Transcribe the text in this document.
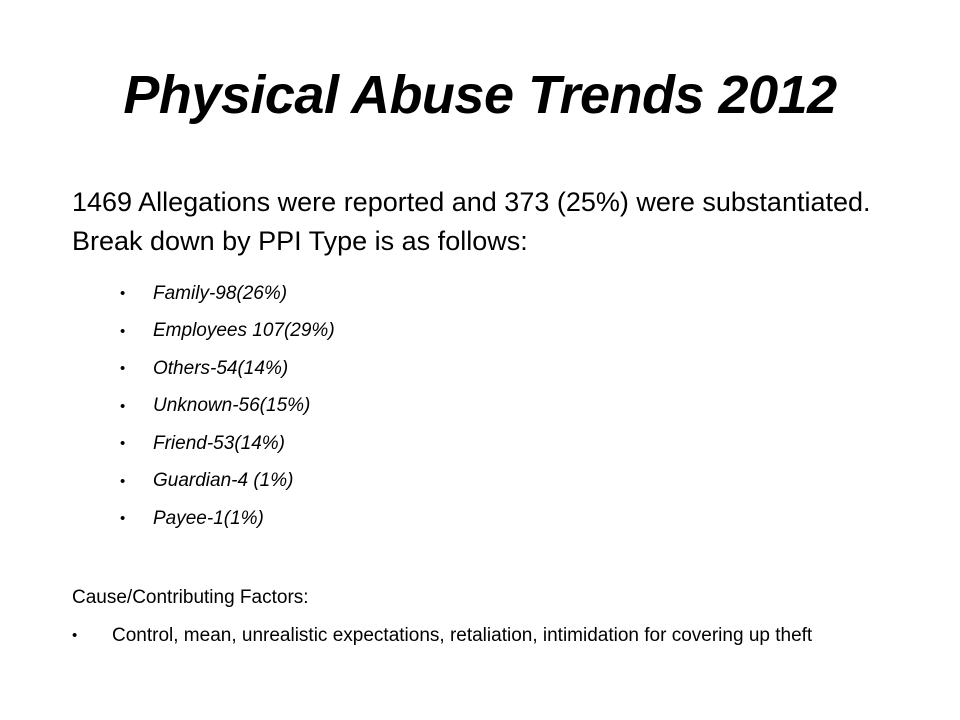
Physical Abuse Trends 2012
1469 Allegations were reported and 373 (25%) were substantiated. Break down by PPI Type is as follows:
•	Family-98(26%)
•	Employees 107(29%)
•	Others-54(14%)
•	Unknown-56(15%)
•	Friend-53(14%)
•	Guardian-4 (1%)
•	Payee-1(1%)
Cause/Contributing Factors:
•	Control, mean, unrealistic expectations, retaliation, intimidation for covering up theft
